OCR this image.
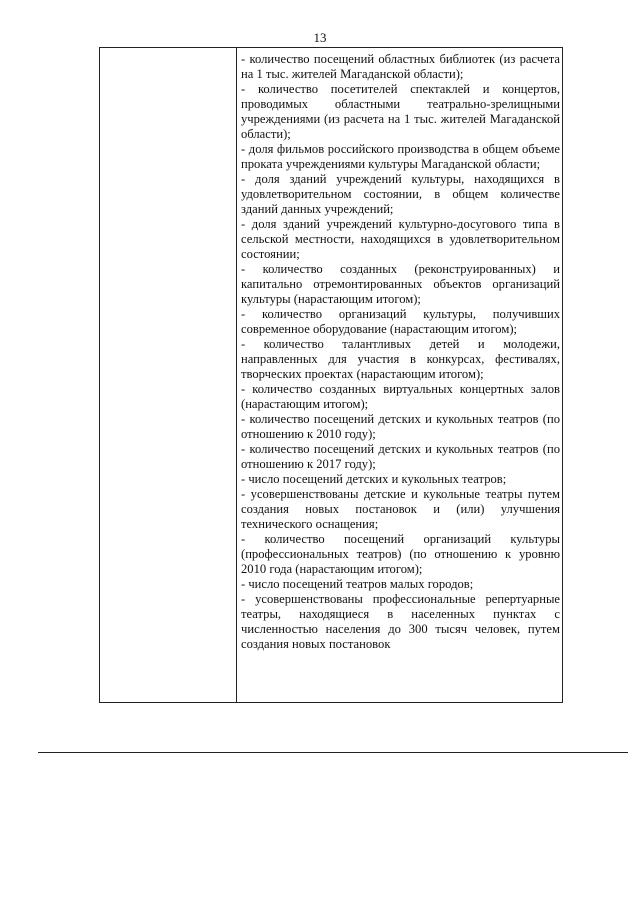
13

- количество посещений областных библиотек (из расчета на 1 тыс. жителей Магаданской области);

- количество посетителей спектаклей и концертов, проводимых областными театрально-зрелищными учреждениями (из расчета на 1 тыс. жителей Магаданской области);

- доля фильмов российского производства в общем объеме проката учреждениями культуры Магаданской области;

- доля зданий учреждений культуры, находящихся в удовлетворительном состоянии, в общем количестве зданий данных учреждений;

- доля зданий учреждений культурно-досугового типа в сельской местности, находящихся в удовлетворительном состоянии;

- количество созданных (реконструированных) и капитально отремонтированных объектов организаций культуры (нарастающим итогом);

- количество организаций культуры, получивших современное оборудование (нарастающим итогом);

- количество талантливых детей и молодежи, направленных для участия в конкурсах, фестивалях, творческих проектах (нарастающим итогом);

- количество созданных виртуальных концертных залов (нарастающим итогом);

- количество посещений детских и кукольных театров (по отношению к 2010 году);

- количество посещений детских и кукольных театров (по отношению к 2017 году);

- число посещений детских и кукольных театров;

- усовершенствованы детские и кукольные театры путем создания новых постановок и (или) улучшения технического оснащения;

- количество посещений организаций культуры (профессиональных театров) (по отношению к уровню 2010 года (нарастающим итогом);

- число посещений театров малых городов;

- усовершенствованы профессиональные репертуарные театры, находящиеся в населенных пунктах с численностью населения до 300 тысяч человек, путем создания новых постановок
